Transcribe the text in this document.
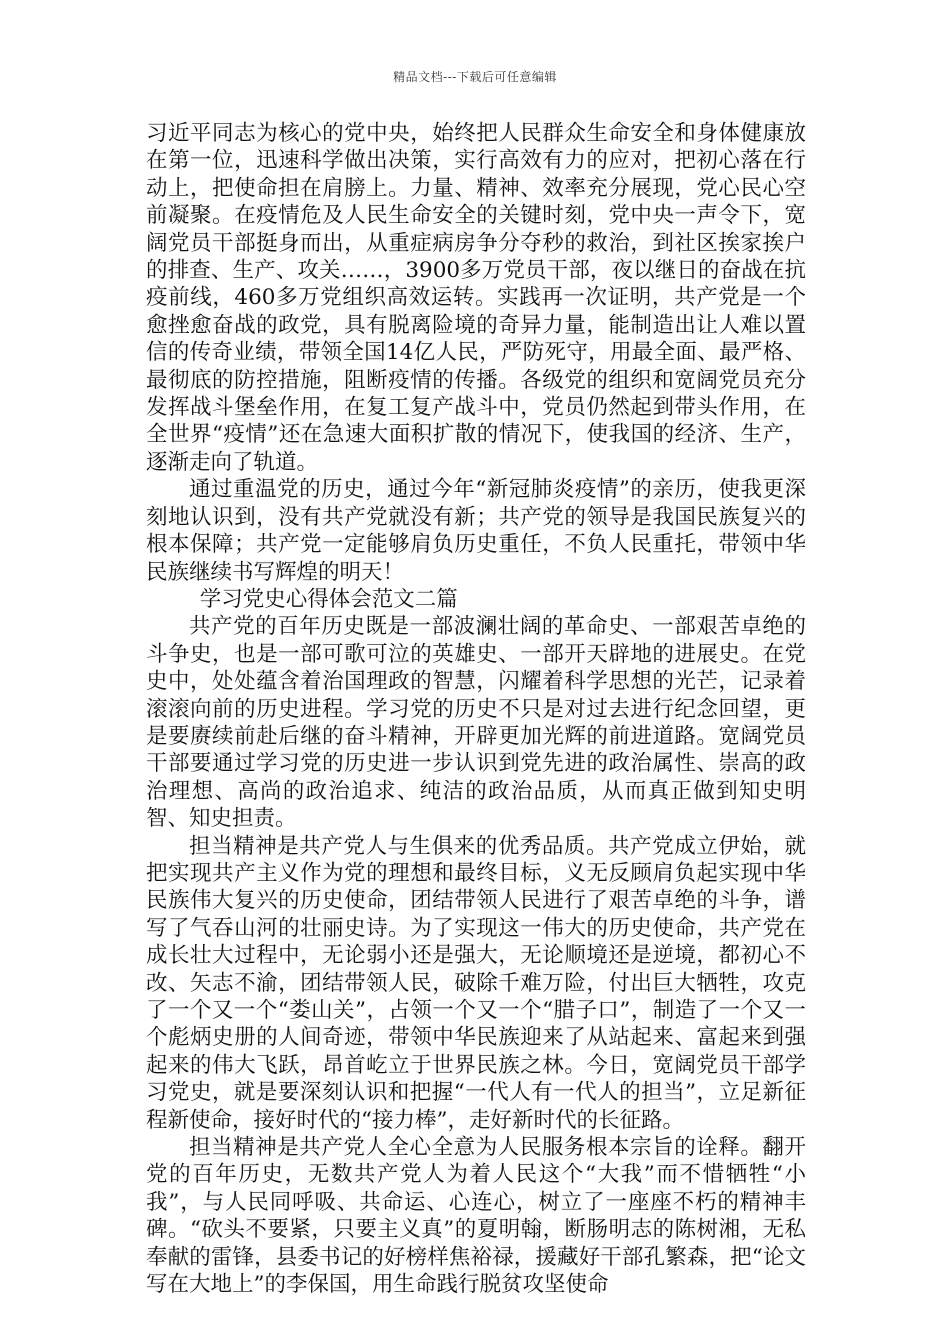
精品文档---下载后可任意编辑

习近平同志为核心的党中央，始终把人民群众生命安全和身体健康放在第一位，迅速科学做出决策，实行高效有力的应对，把初心落在行动上，把使命担在肩膀上。力量、精神、效率充分展现，党心民心空前凝聚。在疫情危及人民生命安全的关键时刻，党中央一声令下，宽阔党员干部挺身而出，从重症病房争分夺秒的救治，到社区挨家挨户的排查、生产、攻关……，3900多万党员干部，夜以继日的奋战在抗疫前线，460多万党组织高效运转。实践再一次证明，共产党是一个愈挫愈奋战的政党，具有脱离险境的奇异力量，能制造出让人难以置信的传奇业绩，带领全国14亿人民，严防死守，用最全面、最严格、最彻底的防控措施，阻断疫情的传播。各级党的组织和宽阔党员充分发挥战斗堡垒作用，在复工复产战斗中，党员仍然起到带头作用，在全世界“疫情”还在急速大面积扩散的情况下，使我国的经济、生产，逐渐走向了轨道。

通过重温党的历史，通过今年“新冠肺炎疫情”的亲历，使我更深刻地认识到，没有共产党就没有新；共产党的领导是我国民族复兴的根本保障；共产党一定能够肩负历史重任，不负人民重托，带领中华民族继续书写辉煌的明天！

学习党史心得体会范文二篇

共产党的百年历史既是一部波澜壮阔的革命史、一部艰苦卓绝的斗争史，也是一部可歌可泣的英雄史、一部开天辟地的进展史。在党史中，处处蕴含着治国理政的智慧，闪耀着科学思想的光芒，记录着滚滚向前的历史进程。学习党的历史不只是对过去进行纪念回望，更是要赓续前赴后继的奋斗精神，开辟更加光辉的前进道路。宽阔党员干部要通过学习党的历史进一步认识到党先进的政治属性、崇高的政治理想、高尚的政治追求、纯洁的政治品质，从而真正做到知史明智、知史担责。

担当精神是共产党人与生俱来的优秀品质。共产党成立伊始，就把实现共产主义作为党的理想和最终目标，义无反顾肩负起实现中华民族伟大复兴的历史使命，团结带领人民进行了艰苦卓绝的斗争，谱写了气吞山河的壮丽史诗。为了实现这一伟大的历史使命，共产党在成长壮大过程中，无论弱小还是强大，无论顺境还是逆境，都初心不改、矢志不渝，团结带领人民，破除千难万险，付出巨大牺牲，攻克了一个又一个“娄山关”，占领一个又一个“腊子口”，制造了一个又一个彪炳史册的人间奇迹，带领中华民族迎来了从站起来、富起来到强起来的伟大飞跃，昂首屹立于世界民族之林。今日，宽阔党员干部学习党史，就是要深刻认识和把握“一代人有一代人的担当”，立足新征程新使命，接好时代的“接力棒”，走好新时代的长征路。

担当精神是共产党人全心全意为人民服务根本宗旨的诠释。翻开党的百年历史，无数共产党人为着人民这个“大我”而不惜牺牲“小我”，与人民同呼吸、共命运、心连心，树立了一座座不朽的精神丰碑。“砍头不要紧，只要主义真”的夏明翰，断肠明志的陈树湘，无私奉献的雷锋，县委书记的好榜样焦裕禄，援藏好干部孔繁森，把“论文写在大地上”的李保国，用生命践行脱贫攻坚使命
